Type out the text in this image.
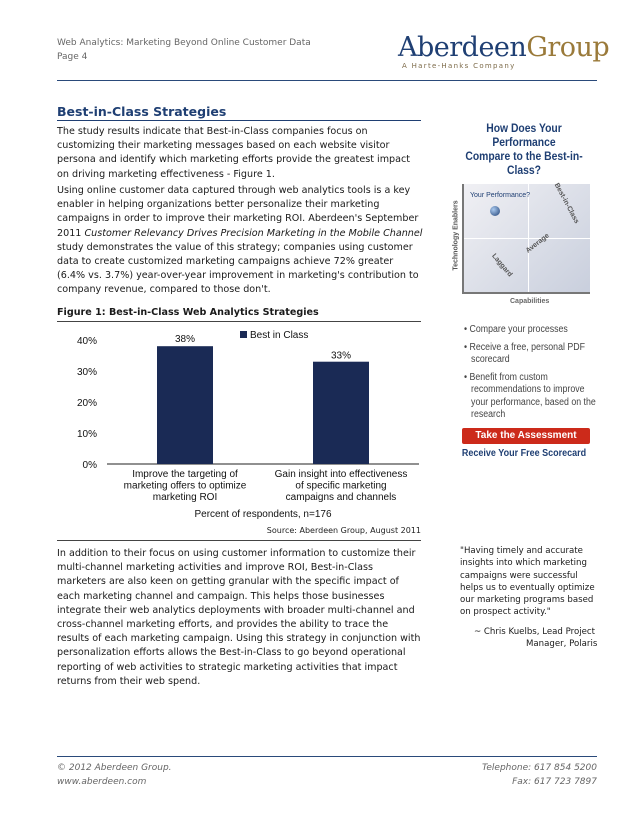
Web Analytics: Marketing Beyond Online Customer Data
Page 4	AberdeenGroup
A Harte-Hanks Company
Best-in-Class Strategies
The study results indicate that Best-in-Class companies focus on customizing their marketing messages based on each website visitor persona and identify which marketing efforts provide the greatest impact on driving marketing effectiveness - Figure 1.
Using online customer data captured through web analytics tools is a key enabler in helping organizations better personalize their marketing campaigns in order to improve their marketing ROI. Aberdeen's September 2011 Customer Relevancy Drives Precision Marketing in the Mobile Channel study demonstrates the value of this strategy; companies using customer data to create customized marketing campaigns achieve 72% greater (6.4% vs. 3.7%) year-over-year improvement in marketing's contribution to company revenue, compared to those don't.
Figure 1: Best-in-Class Web Analytics Strategies
0%
10%
20%
30%
40%	38%
33%
Improve the targeting of marketing offers to optimize marketing ROI
Gain insight into effectiveness of specific marketing campaigns and channels
Best in Class
Percent of respondents, n=176
Source: Aberdeen Group, August 2011
In addition to their focus on using customer information to customize their multi-channel marketing activities and improve ROI, Best-in-Class marketers are also keen on getting granular with the specific impact of each marketing channel and campaign. This helps those businesses integrate their web analytics deployments with broader multi-channel and cross-channel marketing efforts, and provides the ability to trace the results of each marketing campaign. Using this strategy in conjunction with personalization efforts allows the Best-in-Class to go beyond operational reporting of web activities to strategic marketing activities that impact returns from their web spend.
How Does Your Performance
Compare to the Best-in-Class?
Technology Enablers
Your Performance?	Best-in-Class
Average
Laggard
Capabilities
• Compare your processes
• Receive a free, personal PDF scorecard
• Benefit from custom recommendations to improve your performance, based on the research
Take the Assessment
Receive Your Free Scorecard
"Having timely and accurate insights into which marketing campaigns were successful helps us to eventually optimize our marketing programs based on prospect activity."
~ Chris Kuelbs, Lead Project
Manager, Polaris
© 2012 Aberdeen Group.
www.aberdeen.com
Telephone: 617 854 5200
Fax: 617 723 7897
